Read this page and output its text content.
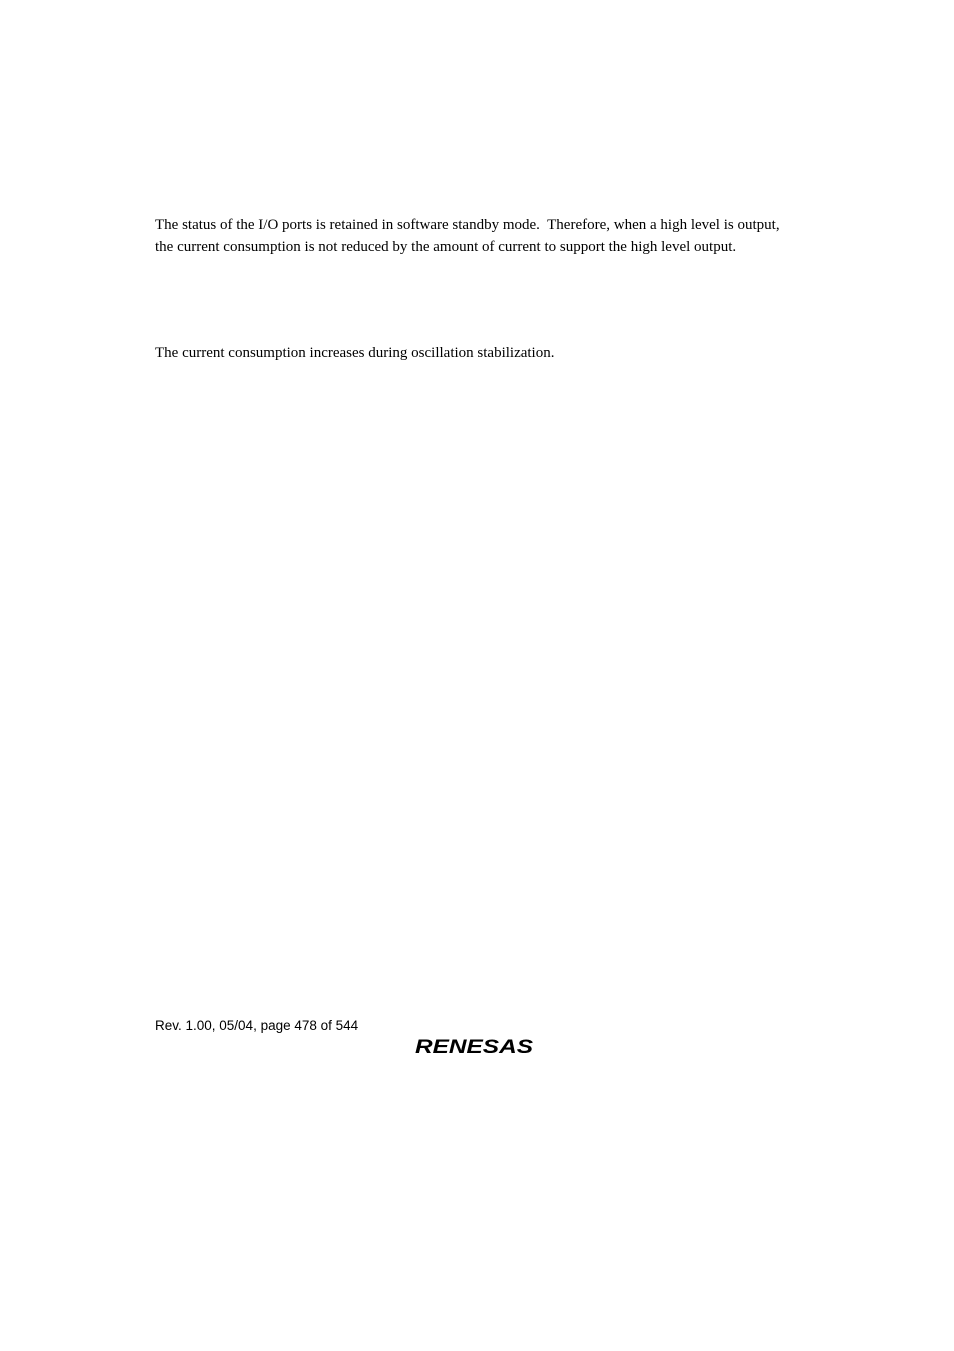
The status of the I/O ports is retained in software standby mode.  Therefore, when a high level is output, the current consumption is not reduced by the amount of current to support the high level output.

The current consumption increases during oscillation stabilization.

Rev. 1.00, 05/04, page 478 of 544

RENESAS
